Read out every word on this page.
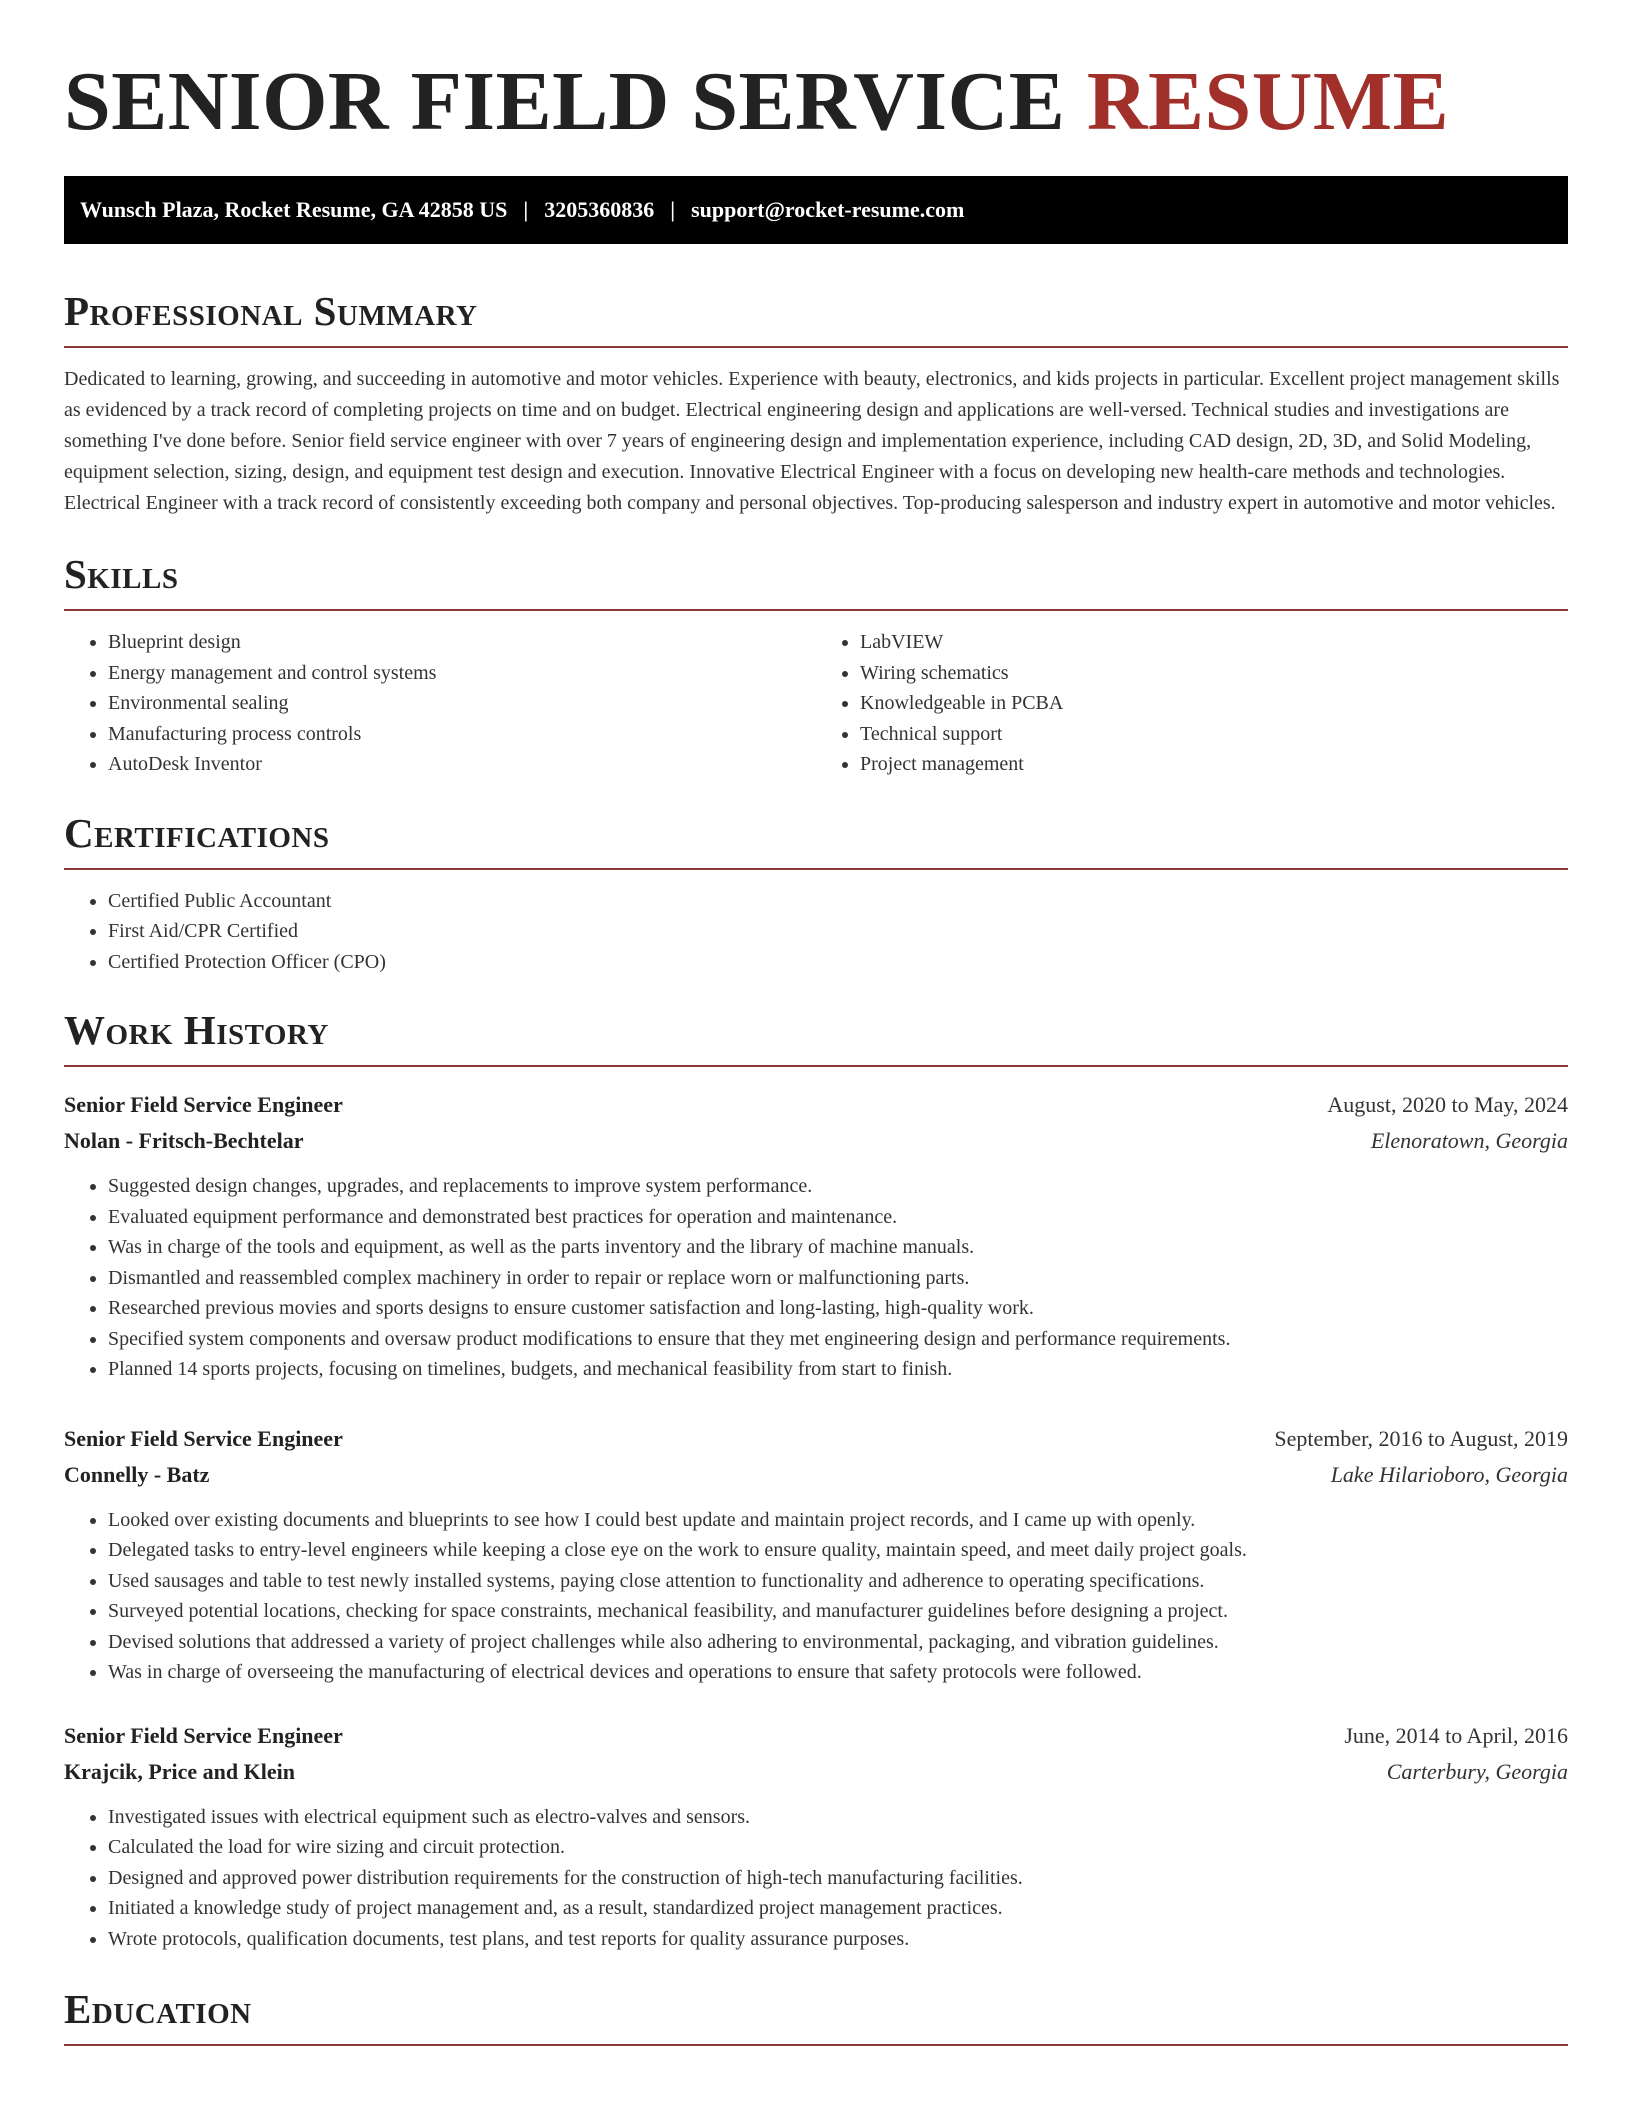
SENIOR FIELD SERVICE RESUME
Wunsch Plaza, Rocket Resume, GA 42858 US | 3205360836 | support@rocket-resume.com
Professional Summary

Dedicated to learning, growing, and succeeding in automotive and motor vehicles. Experience with beauty, electronics, and kids projects in particular. Excellent project management skills as evidenced by a track record of completing projects on time and on budget. Electrical engineering design and applications are well-versed. Technical studies and investigations are something I've done before. Senior field service engineer with over 7 years of engineering design and implementation experience, including CAD design, 2D, 3D, and Solid Modeling, equipment selection, sizing, design, and equipment test design and execution. Innovative Electrical Engineer with a focus on developing new health-care methods and technologies. Electrical Engineer with a track record of consistently exceeding both company and personal objectives. Top-producing salesperson and industry expert in automotive and motor vehicles.

Skills
• Blueprint design
• Energy management and control systems
• Environmental sealing
• Manufacturing process controls
• AutoDesk Inventor
• LabVIEW
• Wiring schematics
• Knowledgeable in PCBA
• Technical support
• Project management
Certifications
• Certified Public Accountant
• First Aid/CPR Certified
• Certified Protection Officer (CPO)
Work History
Senior Field Service Engineer	August, 2020 to May, 2024
Nolan - Fritsch-Bechtelar	Elenoratown, Georgia
• Suggested design changes, upgrades, and replacements to improve system performance.
• Evaluated equipment performance and demonstrated best practices for operation and maintenance.
• Was in charge of the tools and equipment, as well as the parts inventory and the library of machine manuals.
• Dismantled and reassembled complex machinery in order to repair or replace worn or malfunctioning parts.
• Researched previous movies and sports designs to ensure customer satisfaction and long-lasting, high-quality work.
• Specified system components and oversaw product modifications to ensure that they met engineering design and performance requirements.
• Planned 14 sports projects, focusing on timelines, budgets, and mechanical feasibility from start to finish.
Senior Field Service Engineer	September, 2016 to August, 2019
Connelly - Batz	Lake Hilarioboro, Georgia
• Looked over existing documents and blueprints to see how I could best update and maintain project records, and I came up with openly.
• Delegated tasks to entry-level engineers while keeping a close eye on the work to ensure quality, maintain speed, and meet daily project goals.
• Used sausages and table to test newly installed systems, paying close attention to functionality and adherence to operating specifications.
• Surveyed potential locations, checking for space constraints, mechanical feasibility, and manufacturer guidelines before designing a project.
• Devised solutions that addressed a variety of project challenges while also adhering to environmental, packaging, and vibration guidelines.
• Was in charge of overseeing the manufacturing of electrical devices and operations to ensure that safety protocols were followed.
Senior Field Service Engineer	June, 2014 to April, 2016
Krajcik, Price and Klein	Carterbury, Georgia
• Investigated issues with electrical equipment such as electro-valves and sensors.
• Calculated the load for wire sizing and circuit protection.
• Designed and approved power distribution requirements for the construction of high-tech manufacturing facilities.
• Initiated a knowledge study of project management and, as a result, standardized project management practices.
• Wrote protocols, qualification documents, test plans, and test reports for quality assurance purposes.
Education
